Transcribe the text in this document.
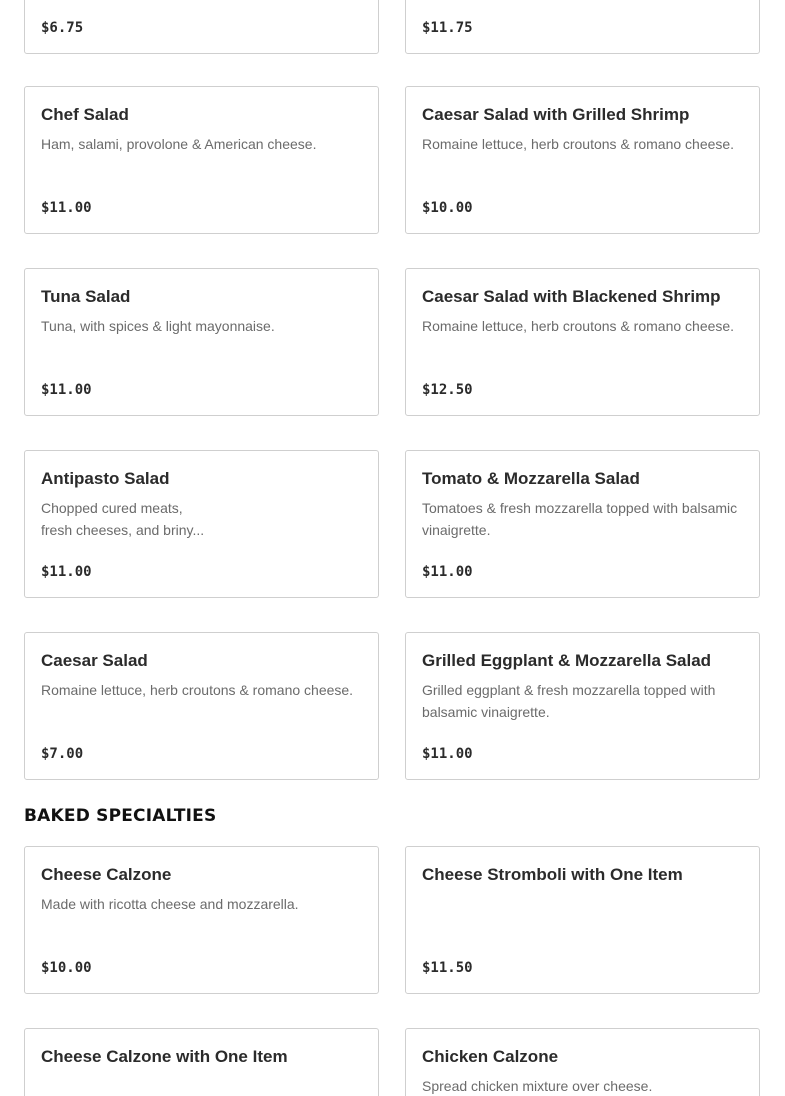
$6.75	$11.75
Chef Salad
Ham, salami, provolone & American cheese.
$11.00
Caesar Salad with Grilled Shrimp
Romaine lettuce, herb croutons & romano cheese.
$10.00
Tuna Salad
Tuna, with spices & light mayonnaise.
$11.00
Caesar Salad with Blackened Shrimp
Romaine lettuce, herb croutons & romano cheese.
$12.50
Antipasto Salad
Chopped cured meats,
fresh cheeses, and briny...
$11.00
Tomato & Mozzarella Salad
Tomatoes & fresh mozzarella topped with balsamic vinaigrette.
$11.00
Caesar Salad
Romaine lettuce, herb croutons & romano cheese.
$7.00
Grilled Eggplant & Mozzarella Salad
Grilled eggplant & fresh mozzarella topped with balsamic vinaigrette.
$11.00
BAKED SPECIALTIES
Cheese Calzone
Made with ricotta cheese and mozzarella.
$10.00
Cheese Stromboli with One Item
$11.50
Cheese Calzone with One Item	Chicken Calzone
Spread chicken mixture over cheese.
